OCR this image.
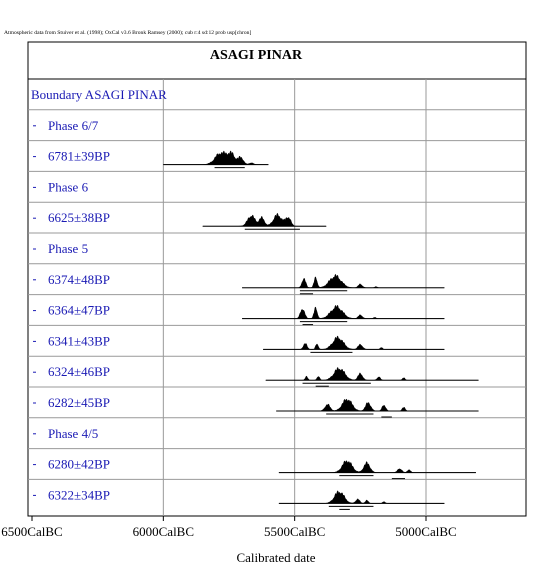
Atmospheric data from Stuiver et al. (1998); OxCal v3.6 Bronk Ramsey (2000); cub r:4 sd:12 prob usp[chron]
ASAGI PINAR
Boundary ASAGI PINAR
Phase 6/7
6781±39BP
Phase 6
6625±38BP
Phase 5
6374±48BP
6364±47BP
6341±43BP
6324±46BP
6282±45BP
Phase 4/5
6280±42BP
6322±34BP
6500CalBC	6000CalBC	5500CalBC	5000CalBC
Calibrated date
